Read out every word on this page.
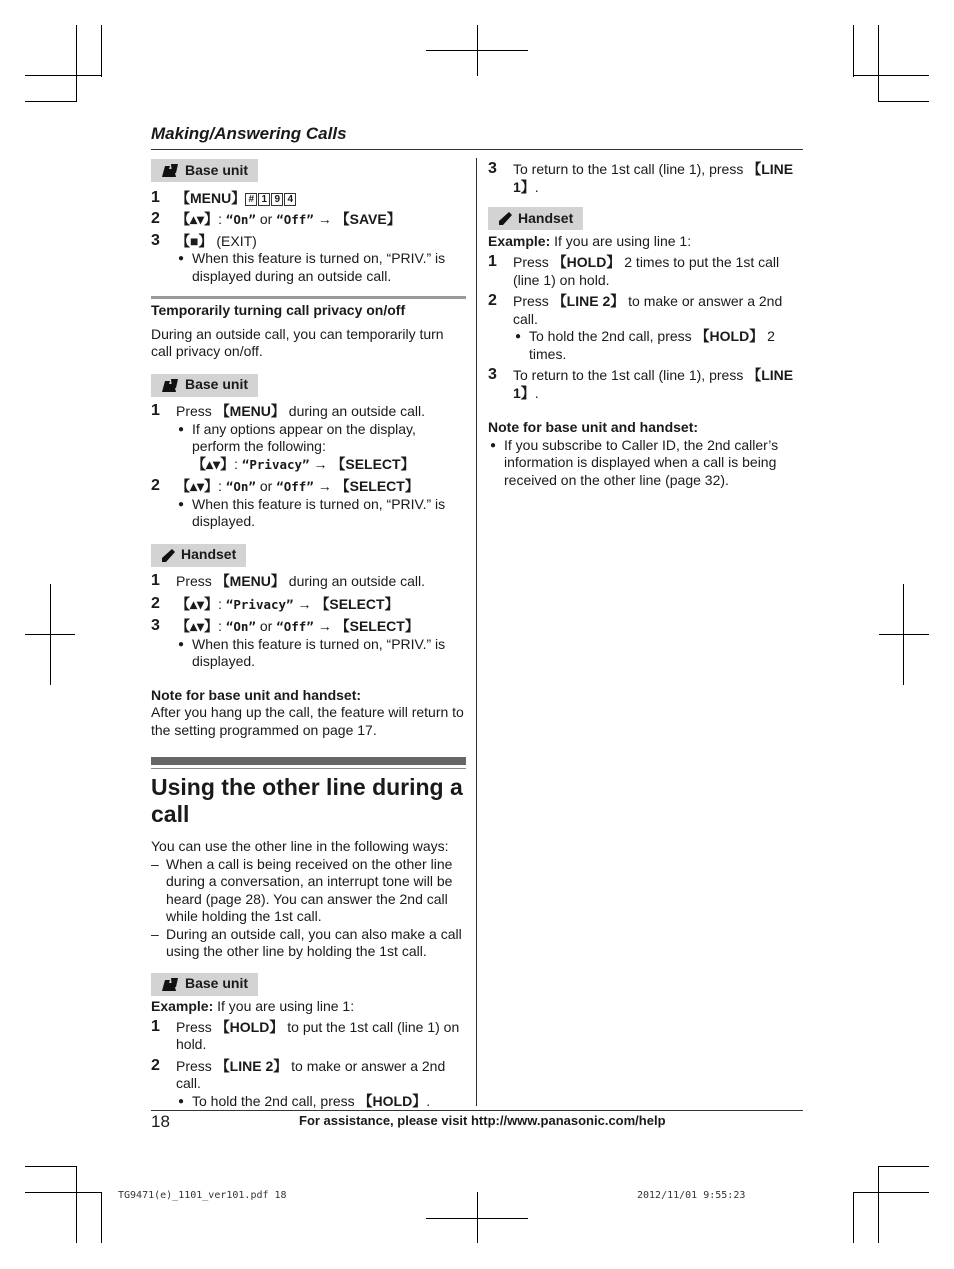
Making/Answering Calls
Base unit
1 【MENU】 # 1 9 4
2 【▴▾】: “On” or “Off” → 【SAVE】
3 【■】 (EXIT)
● When this feature is turned on, “PRIV.” is displayed during an outside call.
Temporarily turning call privacy on/off
During an outside call, you can temporarily turn call privacy on/off.
Base unit
1 Press 【MENU】 during an outside call.
● If any options appear on the display, perform the following:
【▴▾】: “Privacy” → 【SELECT】
2 【▴▾】: “On” or “Off” → 【SELECT】
● When this feature is turned on, “PRIV.” is displayed.
Handset
1 Press 【MENU】 during an outside call.
2 【▴▾】: “Privacy” → 【SELECT】
3 【▴▾】: “On” or “Off” → 【SELECT】
● When this feature is turned on, “PRIV.” is displayed.
Note for base unit and handset:
After you hang up the call, the feature will return to the setting programmed on page 17.
Using the other line during a
call
You can use the other line in the following ways:
– When a call is being received on the other line during a conversation, an interrupt tone will be heard (page 28). You can answer the 2nd call while holding the 1st call.
– During an outside call, you can also make a call using the other line by holding the 1st call.
Base unit
Example: If you are using line 1:
1 Press 【HOLD】 to put the 1st call (line 1) on hold.
2 Press 【LINE 2】 to make or answer a 2nd call.
● To hold the 2nd call, press 【HOLD】.
3 To return to the 1st call (line 1), press 【LINE 1】.
Handset
Example: If you are using line 1:
1 Press 【HOLD】 2 times to put the 1st call (line 1) on hold.
2 Press 【LINE 2】 to make or answer a 2nd call.
● To hold the 2nd call, press 【HOLD】 2 times.
3 To return to the 1st call (line 1), press 【LINE 1】.
Note for base unit and handset:
● If you subscribe to Caller ID, the 2nd caller’s information is displayed when a call is being received on the other line (page 32).
18	For assistance, please visit http://www.panasonic.com/help
TG9471(e)_1101_ver101.pdf 18	2012/11/01 9:55:23
